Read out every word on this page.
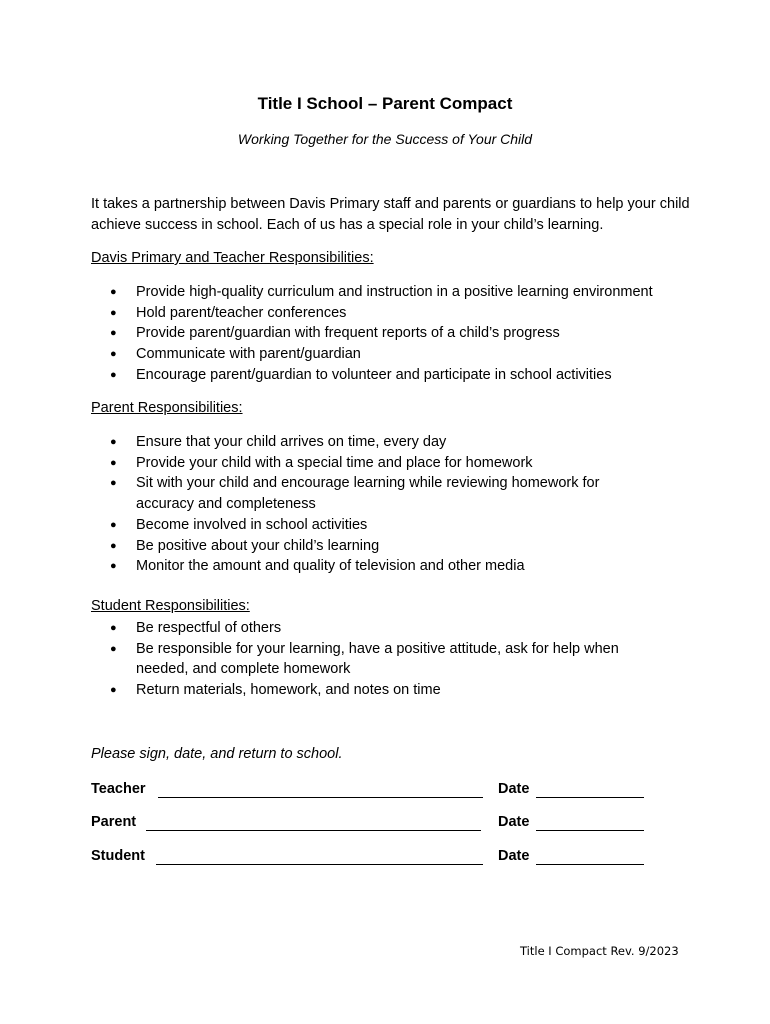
Title I School – Parent Compact
Working Together for the Success of Your Child
It takes a partnership between Davis Primary staff and parents or guardians to help your child achieve success in school. Each of us has a special role in your child’s learning.
Davis Primary and Teacher Responsibilities:
● Provide high-quality curriculum and instruction in a positive learning environment
● Hold parent/teacher conferences
● Provide parent/guardian with frequent reports of a child’s progress
● Communicate with parent/guardian
● Encourage parent/guardian to volunteer and participate in school activities
Parent Responsibilities:
● Ensure that your child arrives on time, every day
● Provide your child with a special time and place for homework
● Sit with your child and encourage learning while reviewing homework for accuracy and completeness
● Become involved in school activities
● Be positive about your child’s learning
● Monitor the amount and quality of television and other media
Student Responsibilities:
● Be respectful of others
● Be responsible for your learning, have a positive attitude, ask for help when needed, and complete homework
● Return materials, homework, and notes on time
Please sign, date, and return to school.
Teacher	Date
Parent	Date
Student	Date
Title I Compact Rev. 9/2023
